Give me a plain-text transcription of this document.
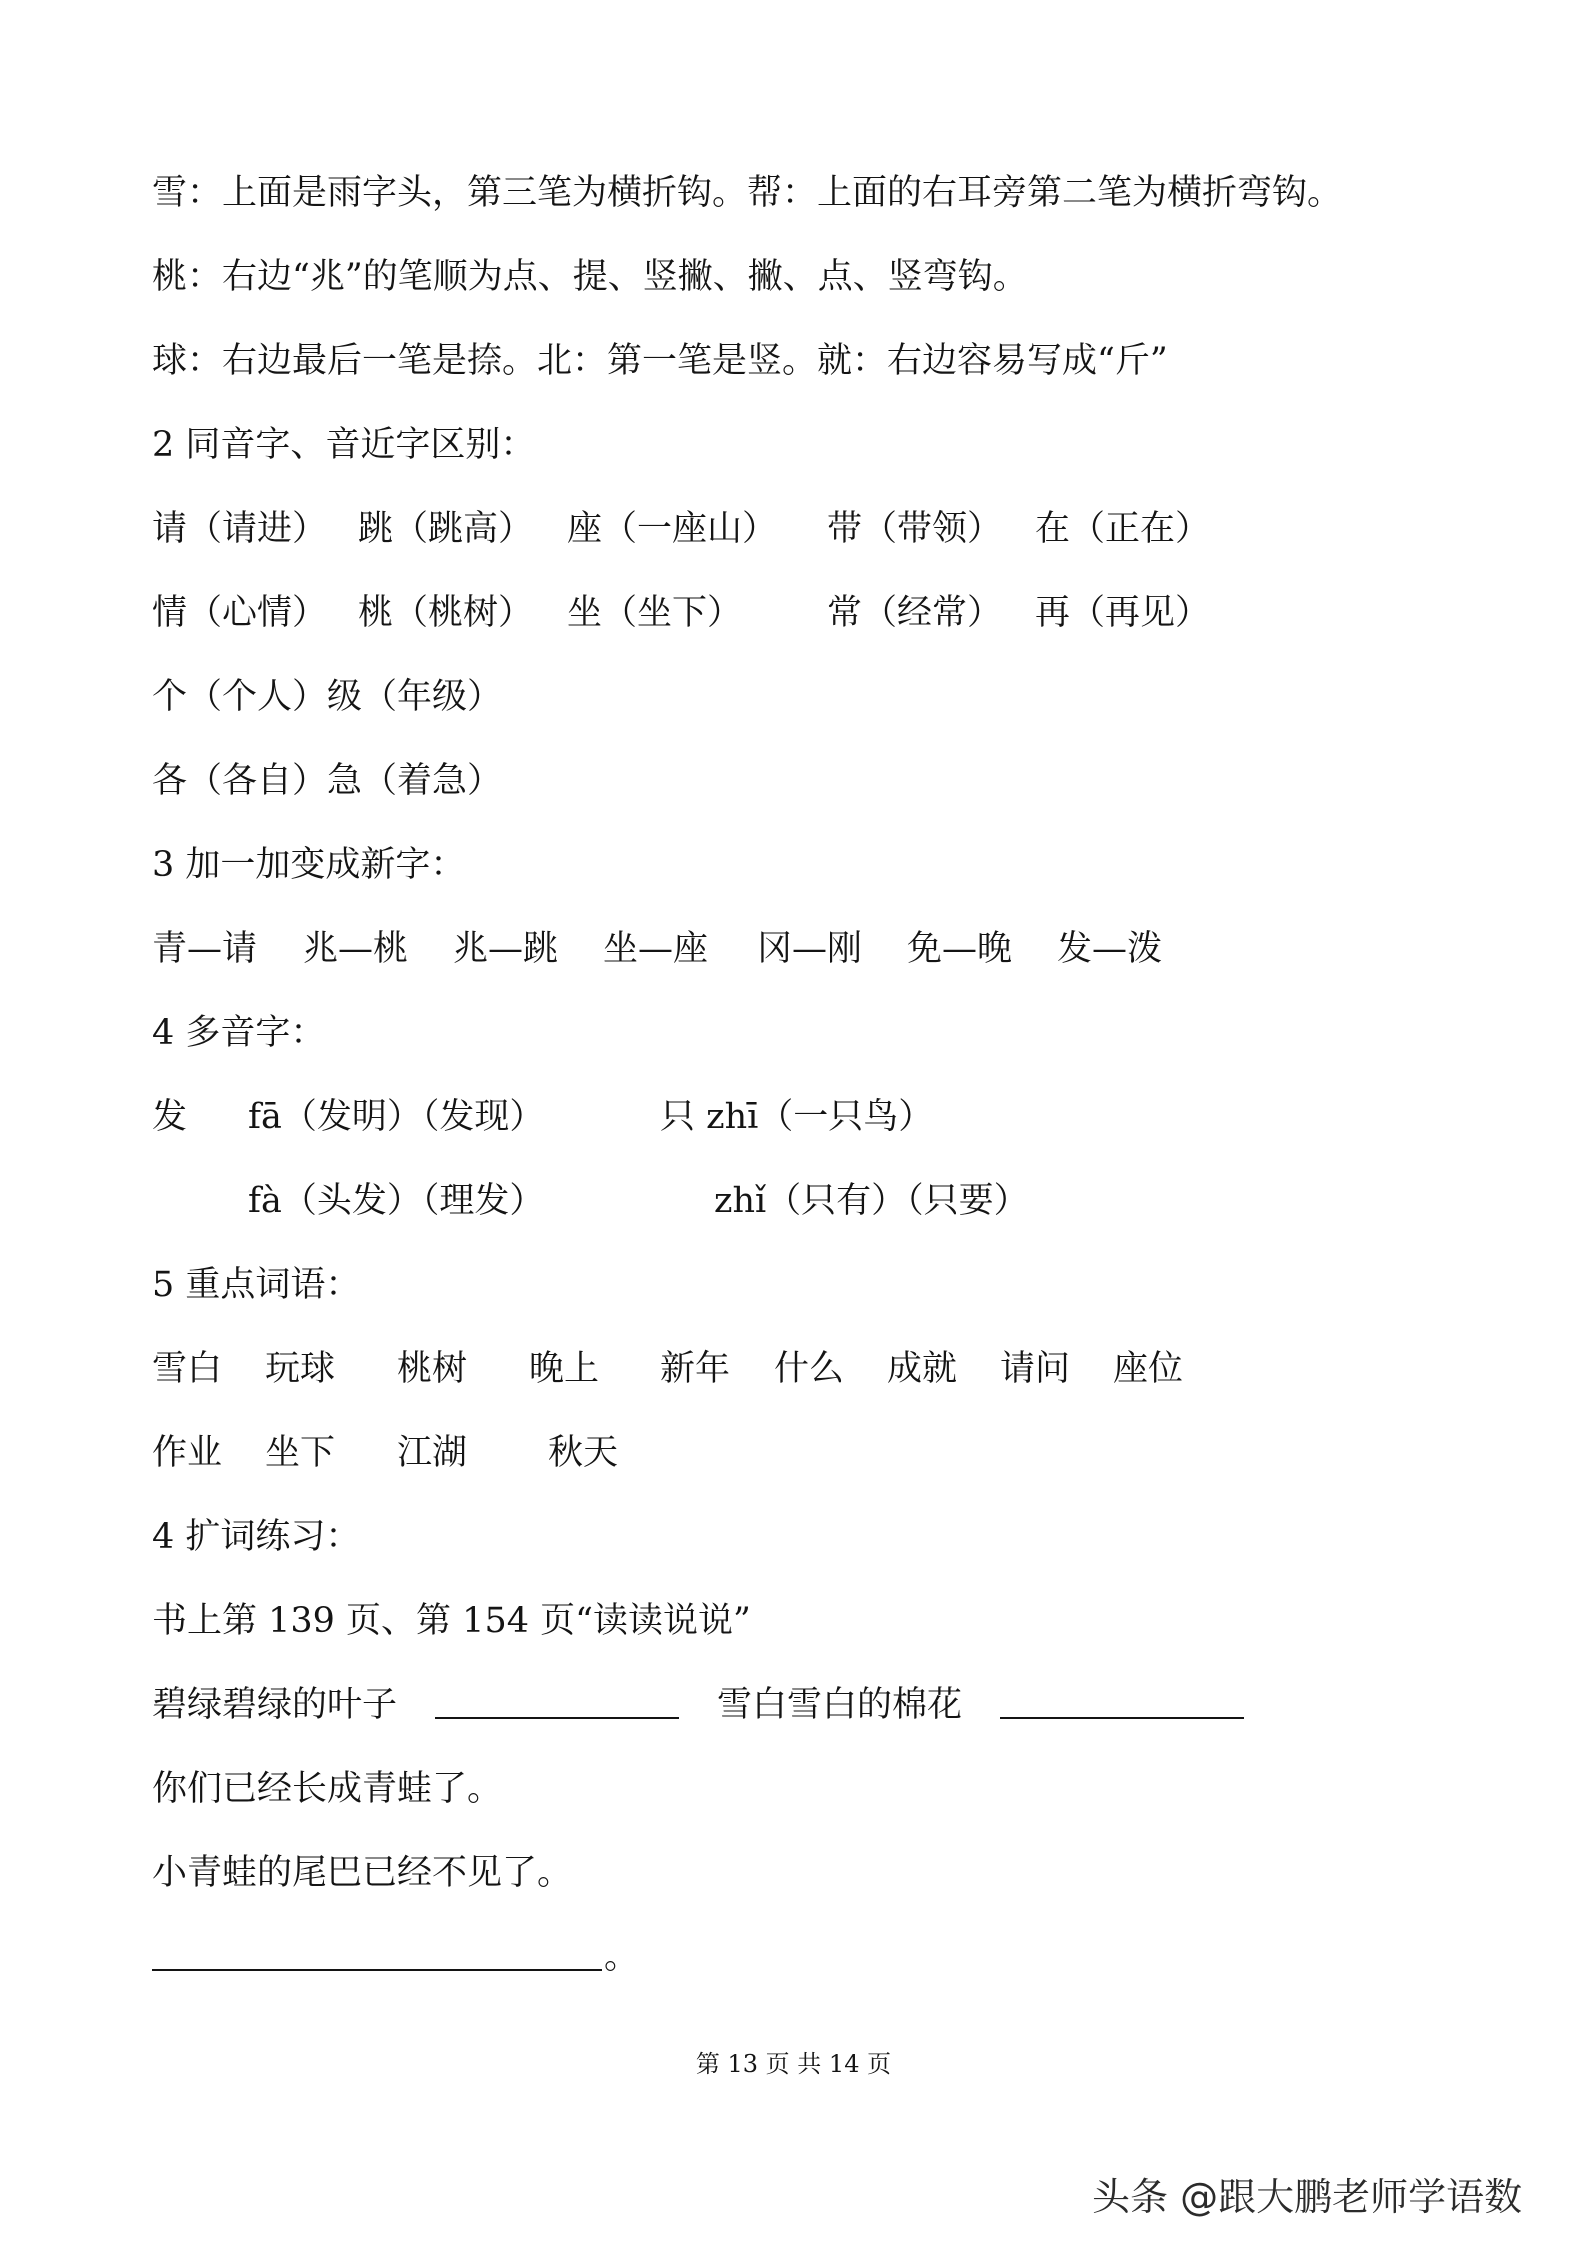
雪：上面是雨字头，第三笔为横折钩。帮：上面的右耳旁第二笔为横折弯钩。
桃：右边“兆”的笔顺为点、提、竖撇、撇、点、竖弯钩。
球：右边最后一笔是捺。北：第一笔是竖。就：右边容易写成“斤”
2 同音字、音近字区别：
请（请进） 跳（跳高） 座（一座山） 带（带领） 在（正在）
情（心情） 桃（桃树） 坐（坐下） 常（经常） 再（再见）
个（个人）级（年级）
各（各自）急（着急）
3 加一加变成新字：
青—请 兆—桃 兆—跳 坐—座 冈—刚 免—晚 发—泼
4 多音字：
发 fā（发明）（发现）	只 zhī（一只鸟）
fà（头发）（理发）	zhǐ（只有）（只要）
5 重点词语：
雪白 玩球 桃树 晚上 新年 什么 成就 请问 座位
作业 坐下 江湖 秋天
4 扩词练习：
书上第 139 页、第 154 页“读读说说”
碧绿碧绿的叶子	雪白雪白的棉花
你们已经长成青蛙了。
小青蛙的尾巴已经不见了。
。
第 13 页 共 14 页
头条 @跟大鹏老师学语数
